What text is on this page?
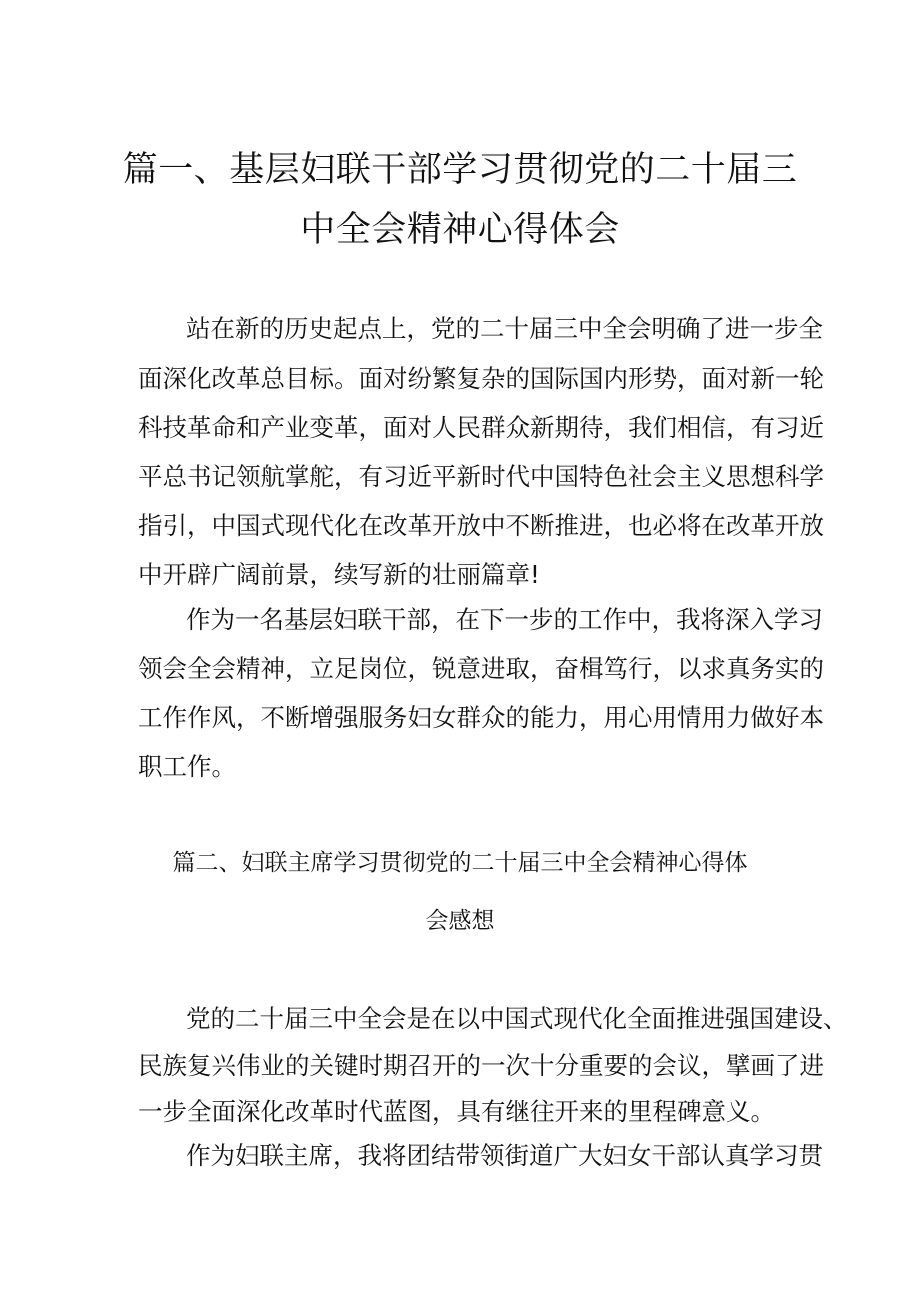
篇一、基层妇联干部学习贯彻党的二十届三
中全会精神心得体会

站在新的历史起点上，党的二十届三中全会明确了进一步全

面深化改革总目标。面对纷繁复杂的国际国内形势，面对新一轮

科技革命和产业变革，面对人民群众新期待，我们相信，有习近

平总书记领航掌舵，有习近平新时代中国特色社会主义思想科学

指引，中国式现代化在改革开放中不断推进，也必将在改革开放

中开辟广阔前景，续写新的壮丽篇章!

作为一名基层妇联干部，在下一步的工作中，我将深入学习

领会全会精神，立足岗位，锐意进取，奋楫笃行，以求真务实的

工作作风，不断增强服务妇女群众的能力，用心用情用力做好本

职工作。

篇二、妇联主席学习贯彻党的二十届三中全会精神心得体
会感想

党的二十届三中全会是在以中国式现代化全面推进强国建设、

民族复兴伟业的关键时期召开的一次十分重要的会议，擘画了进

一步全面深化改革时代蓝图，具有继往开来的里程碑意义。

作为妇联主席，我将团结带领街道广大妇女干部认真学习贯
